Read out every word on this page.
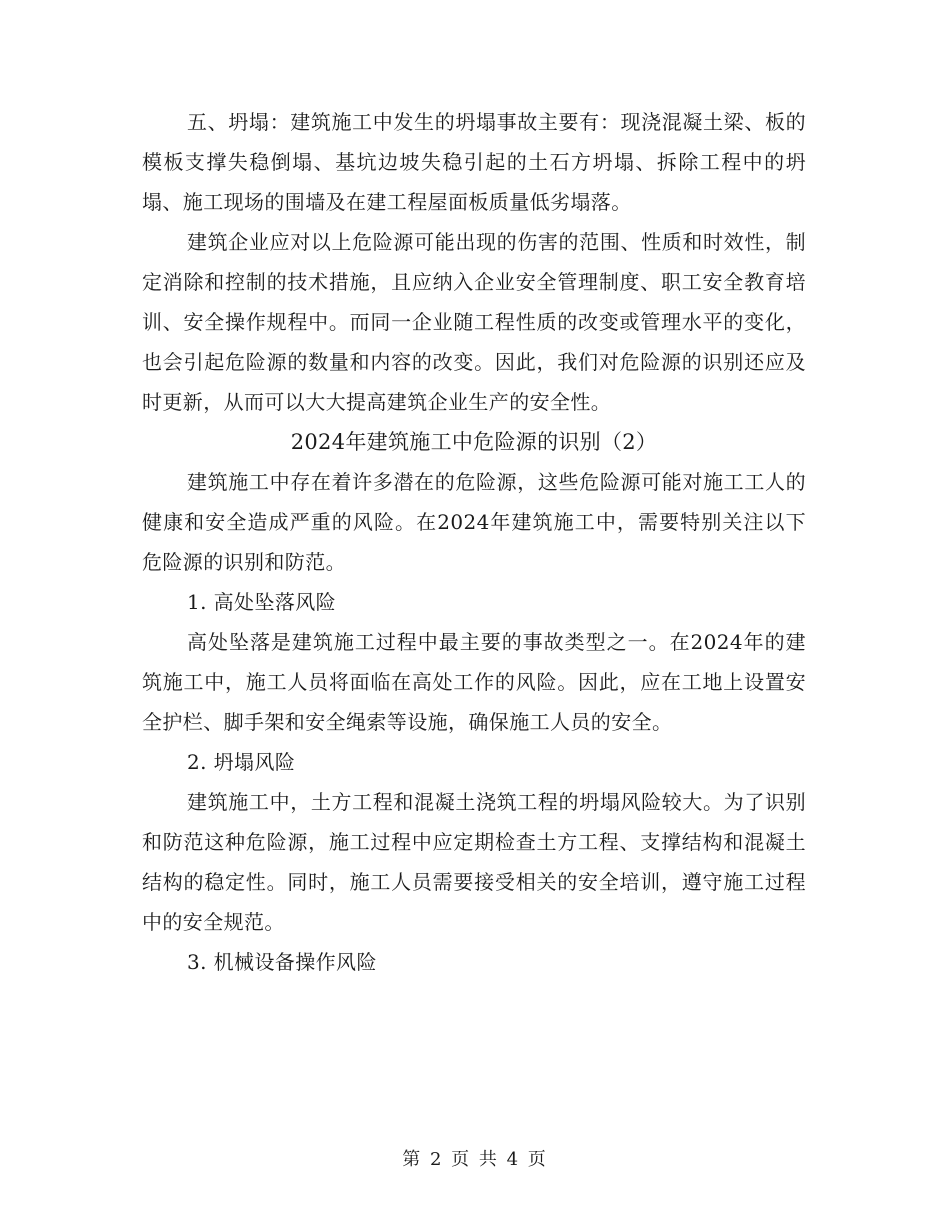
五、坍塌：建筑施工中发生的坍塌事故主要有：现浇混凝土梁、板的模板支撑失稳倒塌、基坑边坡失稳引起的土石方坍塌、拆除工程中的坍塌、施工现场的围墙及在建工程屋面板质量低劣塌落。

建筑企业应对以上危险源可能出现的伤害的范围、性质和时效性，制定消除和控制的技术措施，且应纳入企业安全管理制度、职工安全教育培训、安全操作规程中。而同一企业随工程性质的改变或管理水平的变化，也会引起危险源的数量和内容的改变。因此，我们对危险源的识别还应及时更新，从而可以大大提高建筑企业生产的安全性。

2024年建筑施工中危险源的识别（2）

建筑施工中存在着许多潜在的危险源，这些危险源可能对施工工人的健康和安全造成严重的风险。在2024年建筑施工中，需要特别关注以下危险源的识别和防范。

1. 高处坠落风险

高处坠落是建筑施工过程中最主要的事故类型之一。在2024年的建筑施工中，施工人员将面临在高处工作的风险。因此，应在工地上设置安全护栏、脚手架和安全绳索等设施，确保施工人员的安全。

2. 坍塌风险

建筑施工中，土方工程和混凝土浇筑工程的坍塌风险较大。为了识别和防范这种危险源，施工过程中应定期检查土方工程、支撑结构和混凝土结构的稳定性。同时，施工人员需要接受相关的安全培训，遵守施工过程中的安全规范。

3. 机械设备操作风险

第 2 页 共 4 页
